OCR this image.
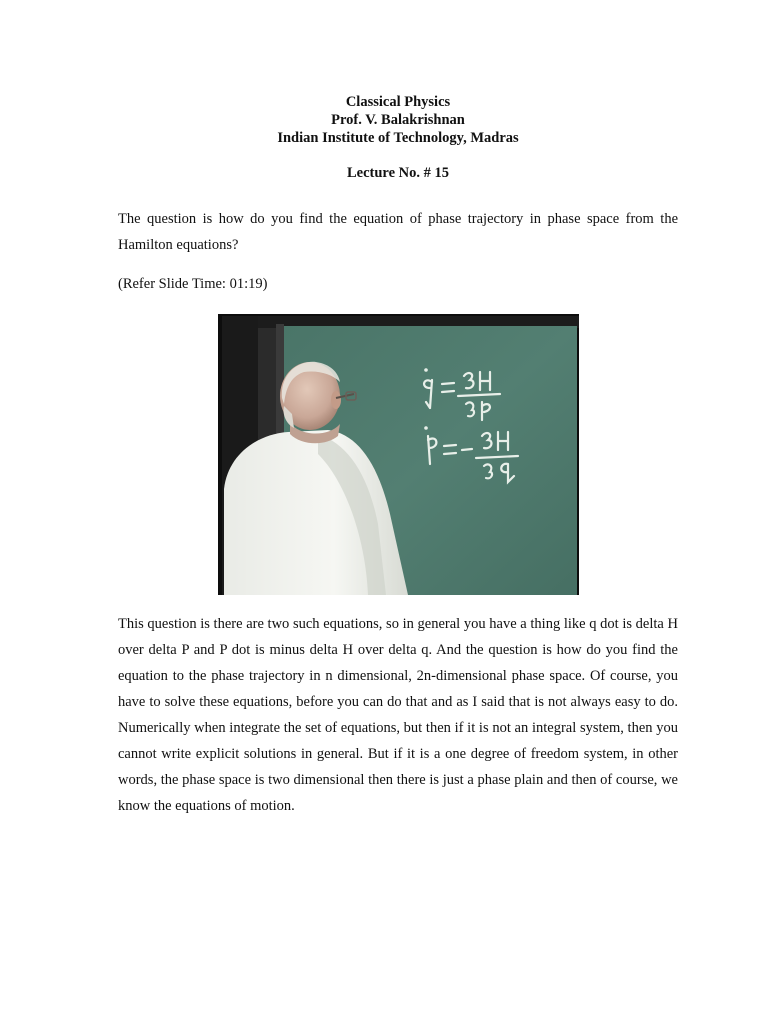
Classical Physics
Prof. V. Balakrishnan
Indian Institute of Technology, Madras
Lecture No. # 15
The question is how do you find the equation of phase trajectory in phase space from the Hamilton equations?
(Refer Slide Time: 01:19)
This question is there are two such equations, so in general you have a thing like q dot is delta H over delta P and P dot is minus delta H over delta q. And the question is how do you find the equation to the phase trajectory in n dimensional, 2n-dimensional phase space. Of course, you have to solve these equations, before you can do that and as I said that is not always easy to do. Numerically when integrate the set of equations, but then if it is not an integral system, then you cannot write explicit solutions in general. But if it is a one degree of freedom system, in other words, the phase space is two dimensional then there is just a phase plain and then of course, we know the equations of motion.
